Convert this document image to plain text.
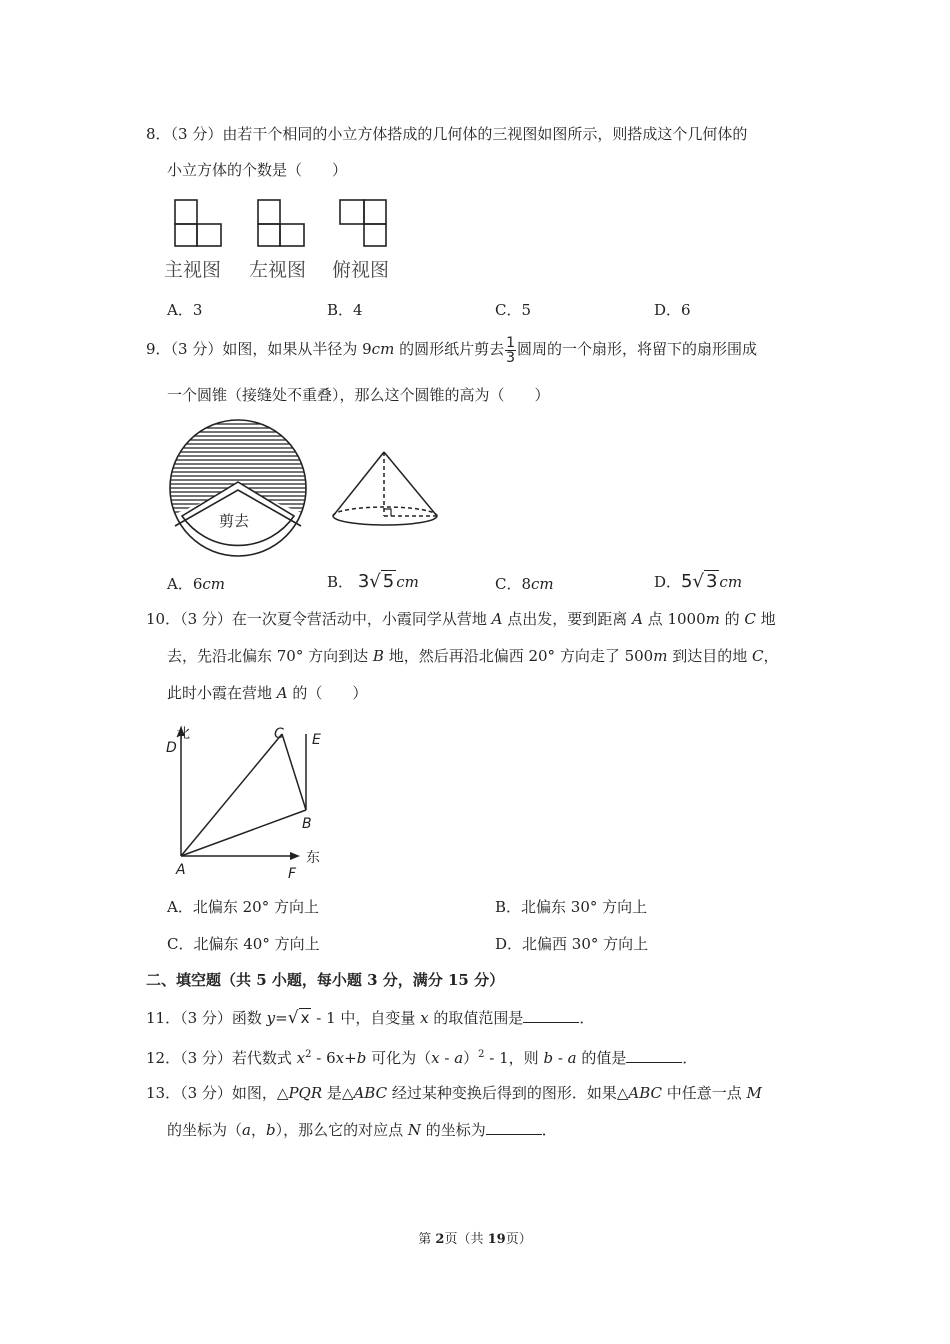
8．（3 分）由若干个相同的小立方体搭成的几何体的三视图如图所示，则搭成这个几何体的
小立方体的个数是（　　）
主视图 左视图 俯视图
A．3	B．4	C．5	D．6
9．（3 分）如图，如果从半径为 9cm 的圆形纸片剪去 $\frac{1}{3}$ 圆周的一个扇形，将留下的扇形围成
一个圆锥（接缝处不重叠），那么这个圆锥的高为（　　）
剪去
A．6cm	B． 3√ 5 cm	C．8cm	D．5√ 3 cm
10．（3 分）在一次夏令营活动中，小霞同学从营地 A 点出发，要到距离 A 点 1000m 的 C 地
去，先沿北偏东 70° 方向到达 B 地，然后再沿北偏西 20° 方向走了 500m 到达目的地 C，
此时小霞在营地 A 的（　　）
北
东
D
C E
B
A	F
A．北偏东 20° 方向上	B．北偏东 30° 方向上
C．北偏东 40° 方向上	D．北偏西 30° 方向上
二、填空题（共 5 小题，每小题 3 分，满分 15 分）
11．（3 分）函数 y=√ x - 1 中，自变量 x 的取值范围是	．
12．（3 分）若代数式 $x^2 - 6x+b$ 可化为（x - a）$^2$ - 1，则 b - a 的值是	．
13．（3 分）如图，△PQR 是△ABC 经过某种变换后得到的图形．如果△ABC 中任意一点 M
的坐标为（a，b），那么它的对应点 N 的坐标为	．
第 2页（共 19页）
